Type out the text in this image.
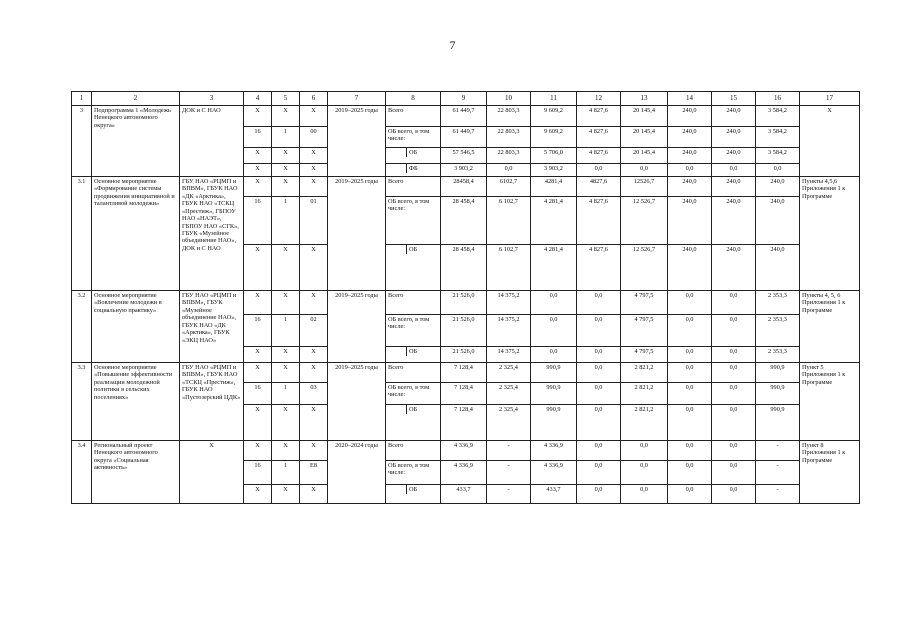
7
1	2	3	4	5	6	7	8	9	10	11	12	13	14	15	16	17
3	Подпрограмма 1 «Молодежь Ненецкого автономного округа»	ДОК и С НАО	Х	Х	Х	2019–2025 годы	Всего	61 449,7	22 803,3	9 609,2	4 827,6	20 145,4	240,0	240,0	3 584,2	Х
			16	1	00		ОБ всего, в том числе:	61 449,7	22 803,3	9 609,2	4 827,6	20 145,4	240,0	240,0	3 584,2	
			Х	Х	Х		ОБ	57 546,5	22 803,3	5 706,0	4 827,6	20 145,4	240,0	240,0	3 584,2	
			Х	Х	Х		ФБ	3 903,2	0,0	3 903,2	0,0	0,0	0,0	0,0	0,0	
3.1	Основное мероприятие «Формирование системы продвижения инициативной и талантливой молодежи»	ГБУ НАО «РЦМП и ВПВМ», ГБУК НАО «ДК «Арктика», ГБУК НАО «ТСКЦ «Престиж», ГБПОУ НАО «НАЭТ», ГБПОУ НАО «СГК», ГБУК «Музейное объединение НАО», ДОК и С НАО	Х	Х	Х	2019–2025 годы	Всего	28458,4	6102,7	4281,4	4827,6	12526,7	240,0	240,0	240,0	Пункты 4,5,6 Приложения 1 к Программе
			16	1	01		ОБ всего, в том числе:	28 458,4	6 102,7	4 281,4	4 827,6	12 526,7	240,0	240,0	240,0	
			Х	Х	Х		ОБ	28 458,4	6 102,7	4 281,4	4 827,6	12 526,7	240,0	240,0	240,0	
3.2	Основное мероприятие «Вовлечение молодежи в социальную практику»	ГБУ НАО «РЦМП и ВПВМ», ГБУК «Музейное объединение НАО», ГБУК НАО «ДК «Арктика», ГБУК «ЭКЦ НАО»	Х	Х	Х	2019–2025 годы	Всего	21 526,0	14 375,2	0,0	0,0	4 797,5	0,0	0,0	2 353,3	Пункты 4, 5, 6 Приложения 1 к Программе
			16	1	02		ОБ всего, в том числе:	21 526,0	14 375,2	0,0	0,0	4 797,5	0,0	0,0	2 353,3	
			Х	Х	Х		ОБ	21 526,0	14 375,2	0,0	0,0	4 797,5	0,0	0,0	2 353,3	
3.3	Основное мероприятие «Повышение эффективности реализации молодежной политики в сельских поселениях»	ГБУ НАО «РЦМП и ВПВМ», ГБУК НАО «ТСКЦ «Престиж», ГБУК НАО «Пустозерский ЦДК»	Х	Х	Х	2019–2025 годы	Всего	7 128,4	2 325,4	990,9	0,0	2 821,2	0,0	0,0	990,9	Пункт 5 Приложения 1 к Программе
			16	1	03		ОБ всего, в том числе:	7 128,4	2 325,4	990,9	0,0	2 821,2	0,0	0,0	990,9	
			Х	Х	Х		ОБ	7 128,4	2 325,4	990,9	0,0	2 821,2	0,0	0,0	990,9	
3.4	Региональный проект Ненецкого автономного округа «Социальная активность»	Х	Х	Х	Х	2020–2024 годы	Всего	4 336,9	-	4 336,9	0,0	0,0	0,0	0,0	-	Пункт 8 Приложения 1 к Программе
			16	1	Е8		ОБ всего, в том числе:	4 336,9	-	4 336,9	0,0	0,0	0,0	0,0	-	
			Х	Х	Х		ОБ	433,7	-	433,7	0,0	0,0	0,0	0,0	-	
